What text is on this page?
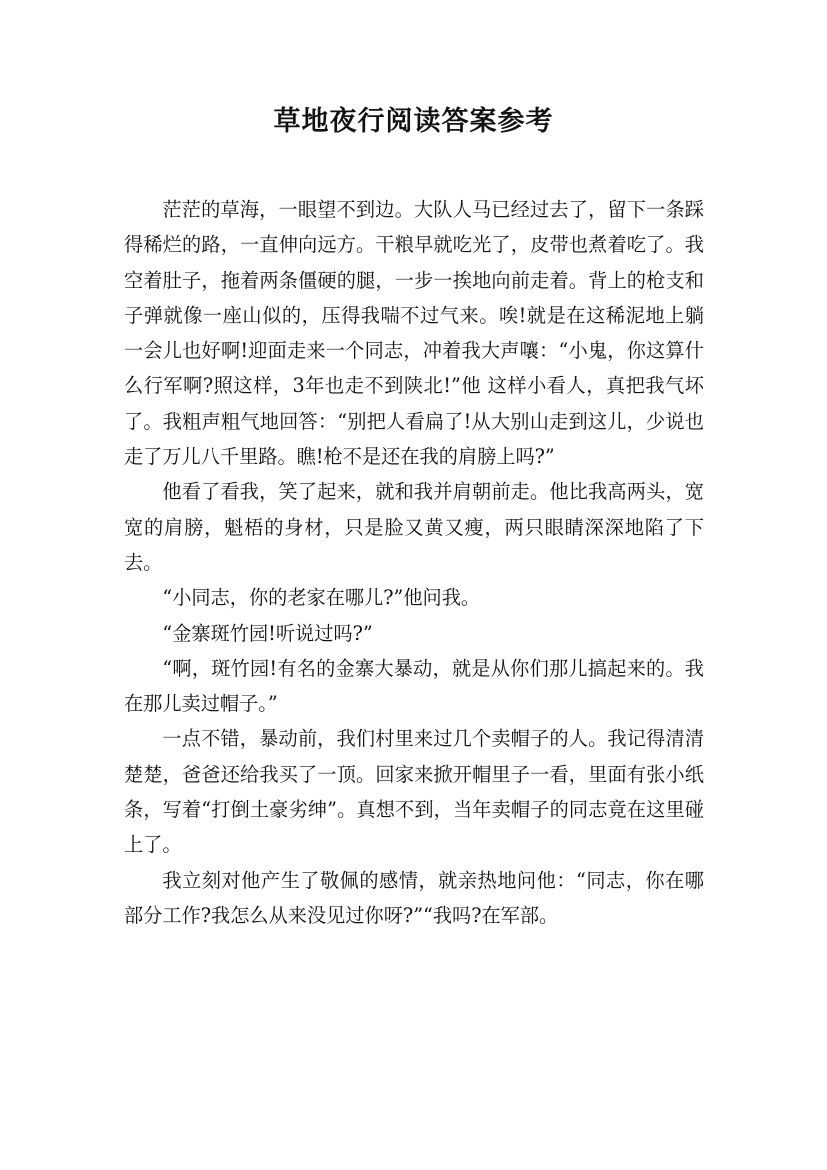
草地夜行阅读答案参考

茫茫的草海，一眼望不到边。大队人马已经过去了，留下一条踩得稀烂的路，一直伸向远方。干粮早就吃光了，皮带也煮着吃了。我空着肚子，拖着两条僵硬的腿，一步一挨地向前走着。背上的枪支和子弹就像一座山似的，压得我喘不过气来。唉!就是在这稀泥地上躺一会儿也好啊!迎面走来一个同志，冲着我大声嚷：“小鬼，你这算什么行军啊?照这样，3年也走不到陕北!”他 这样小看人，真把我气坏了。我粗声粗气地回答：“别把人看扁了!从大别山走到这儿，少说也走了万儿八千里路。瞧!枪不是还在我的肩膀上吗?”

他看了看我，笑了起来，就和我并肩朝前走。他比我高两头，宽宽的肩膀，魁梧的身材，只是脸又黄又瘦，两只眼睛深深地陷了下去。

“小同志，你的老家在哪儿?”他问我。

“金寨斑竹园!听说过吗?”

“啊，斑竹园!有名的金寨大暴动，就是从你们那儿搞起来的。我在那儿卖过帽子。”

一点不错，暴动前，我们村里来过几个卖帽子的人。我记得清清楚楚，爸爸还给我买了一顶。回家来掀开帽里子一看，里面有张小纸条，写着“打倒土豪劣绅”。真想不到，当年卖帽子的同志竟在这里碰上了。

我立刻对他产生了敬佩的感情，就亲热地问他：“同志，你在哪部分工作?我怎么从来没见过你呀?”“我吗?在军部。
